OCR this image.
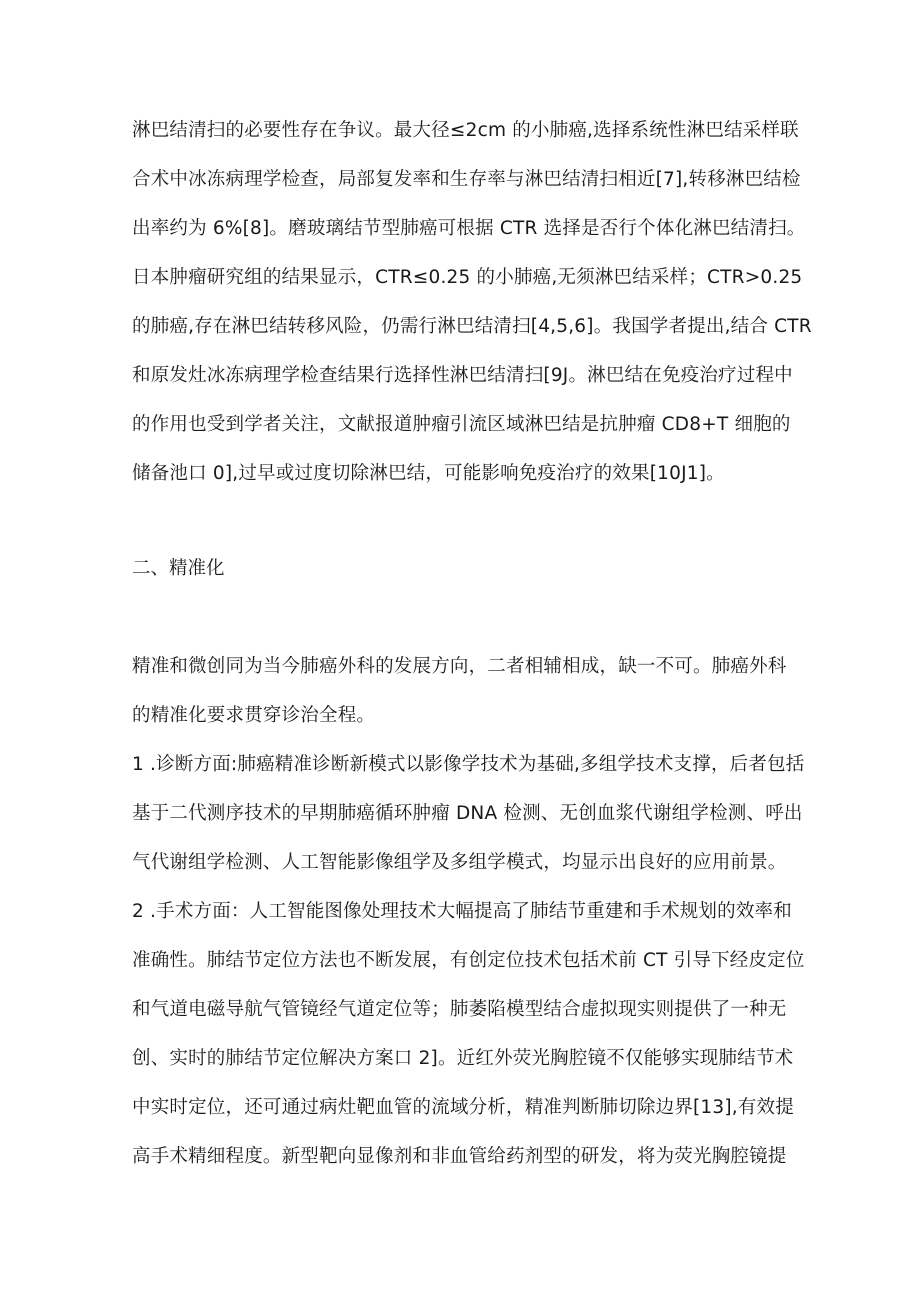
淋巴结清扫的必要性存在争议。最大径≤2cm 的小肺癌,选择系统性淋巴结采样联
合术中冰冻病理学检查，局部复发率和生存率与淋巴结清扫相近[7],转移淋巴结检
出率约为 6%[8]。磨玻璃结节型肺癌可根据 CTR 选择是否行个体化淋巴结清扫。
日本肿瘤研究组的结果显示，CTR≤0.25 的小肺癌,无须淋巴结采样；CTR>0.25
的肺癌,存在淋巴结转移风险，仍需行淋巴结清扫[4,5,6]。我国学者提出,结合 CTR
和原发灶冰冻病理学检查结果行选择性淋巴结清扫[9J。淋巴结在免疫治疗过程中
的作用也受到学者关注，文献报道肿瘤引流区域淋巴结是抗肿瘤 CD8+T 细胞的
储备池口 0],过早或过度切除淋巴结，可能影响免疫治疗的效果[10J1]。
二、精准化
精准和微创同为当今肺癌外科的发展方向，二者相辅相成，缺一不可。肺癌外科
的精准化要求贯穿诊治全程。
1 .诊断方面:肺癌精准诊断新模式以影像学技术为基础,多组学技术支撑，后者包括
基于二代测序技术的早期肺癌循环肿瘤 DNA 检测、无创血浆代谢组学检测、呼出
气代谢组学检测、人工智能影像组学及多组学模式，均显示出良好的应用前景。
2 .手术方面：人工智能图像处理技术大幅提高了肺结节重建和手术规划的效率和
准确性。肺结节定位方法也不断发展，有创定位技术包括术前 CT 引导下经皮定位
和气道电磁导航气管镜经气道定位等；肺萎陷模型结合虚拟现实则提供了一种无
创、实时的肺结节定位解决方案口 2]。近红外荧光胸腔镜不仅能够实现肺结节术
中实时定位，还可通过病灶靶血管的流域分析，精准判断肺切除边界[13],有效提
高手术精细程度。新型靶向显像剂和非血管给药剂型的研发，将为荧光胸腔镜提
